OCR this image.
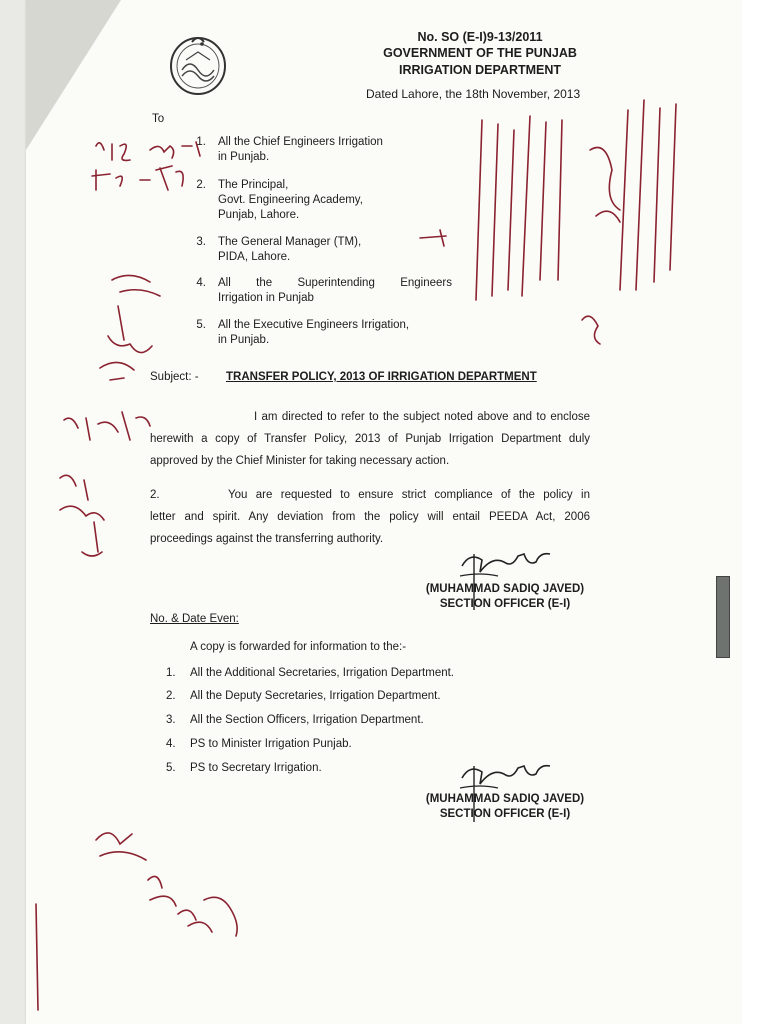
No. SO (E-I)9-13/2011
GOVERNMENT OF THE PUNJAB
IRRIGATION DEPARTMENT
Dated Lahore, the 18th November, 2013
To
1. All the Chief Engineers Irrigation
in Punjab.
2. The Principal,
Govt. Engineering Academy,
Punjab, Lahore.
3. The General Manager (TM),
PIDA, Lahore.
4. All the Superintending Engineers
Irrigation in Punjab
5. All the Executive Engineers Irrigation,
in Punjab.
Subject: - TRANSFER POLICY, 2013 OF IRRIGATION DEPARTMENT
I am directed to refer to the subject noted above and to enclose
herewith a copy of Transfer Policy, 2013 of Punjab Irrigation Department duly
approved by the Chief Minister for taking necessary action.
2.	You are requested to ensure strict compliance of the policy in
letter and spirit. Any deviation from the policy will entail PEEDA Act, 2006
proceedings against the transferring authority.
(MUHAMMAD SADIQ JAVED)
SECTION OFFICER (E-I)
No. & Date Even:
A copy is forwarded for information to the:-
1. All the Additional Secretaries, Irrigation Department.
2. All the Deputy Secretaries, Irrigation Department.
3. All the Section Officers, Irrigation Department.
4. PS to Minister Irrigation Punjab.
5. PS to Secretary Irrigation.
(MUHAMMAD SADIQ JAVED)
SECTION OFFICER (E-I)
